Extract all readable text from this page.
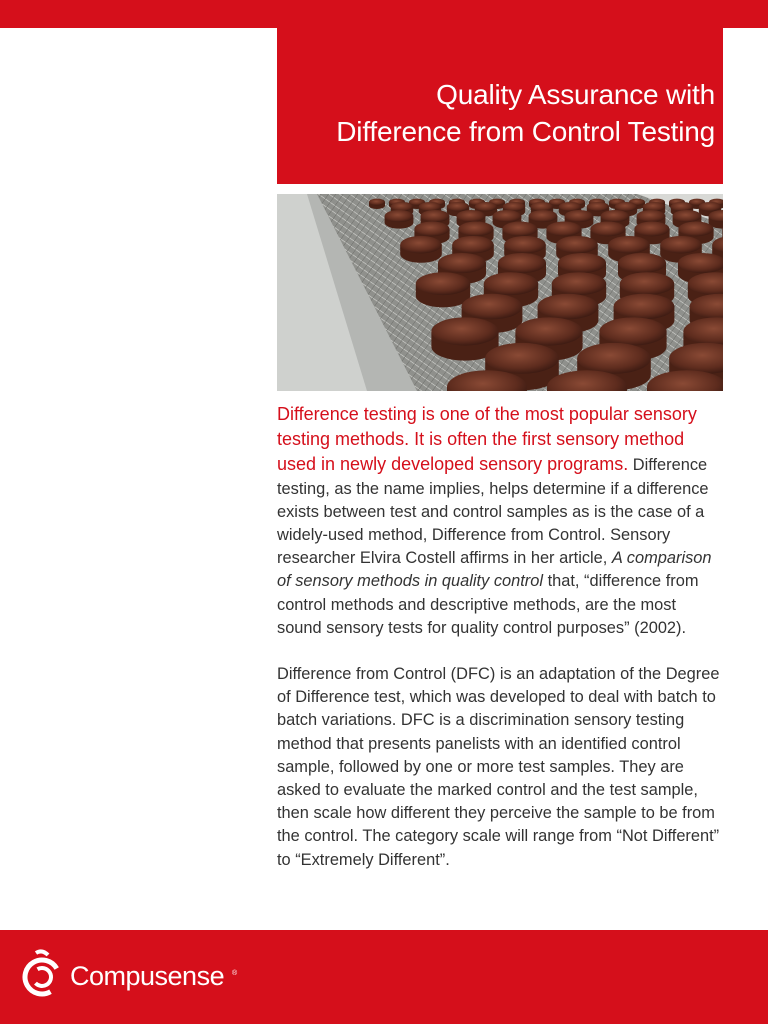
Quality Assurance with
Difference from Control Testing

Difference testing is one of the most popular sensory testing methods. It is often the first sensory method used in newly developed sensory programs. Difference testing, as the name implies, helps determine if a difference exists between test and control samples as is the case of a widely-used method, Difference from Control. Sensory researcher Elvira Costell affirms in her article, A comparison of sensory methods in quality control that, “difference from control methods and descriptive methods, are the most sound sensory tests for quality control purposes” (2002).

Difference from Control (DFC) is an adaptation of the Degree of Difference test, which was developed to deal with batch to batch variations. DFC is a discrimination sensory testing method that presents panelists with an identified control sample, followed by one or more test samples. They are asked to evaluate the marked control and the test sample, then scale how different they perceive the sample to be from the control. The category scale will range from “Not Different” to “Extremely Different”.

Compusense ®
